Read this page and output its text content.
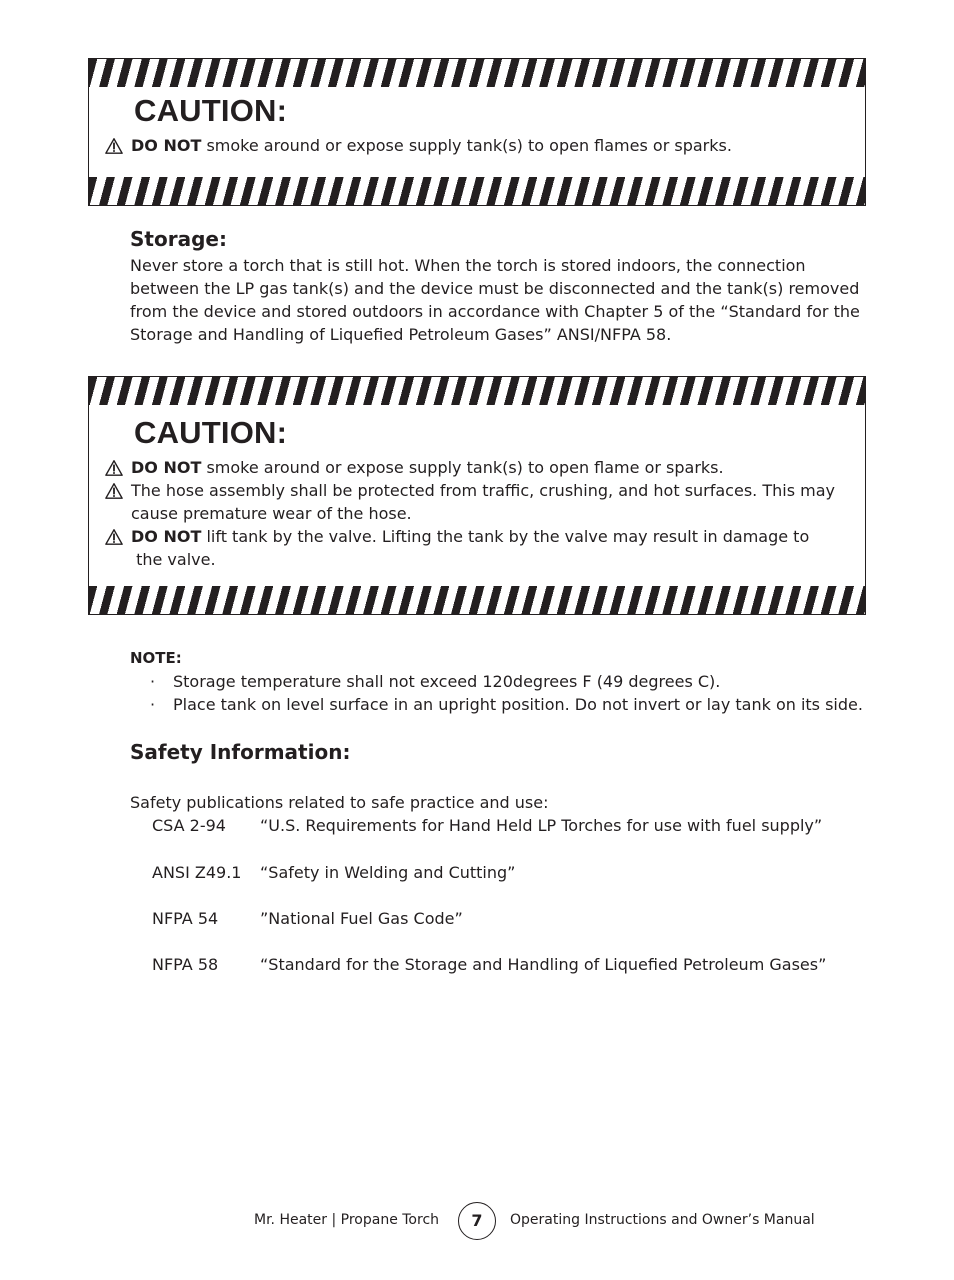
CAUTION:
DO NOT smoke around or expose supply tank(s) to open flames or sparks.
Storage:
Never store a torch that is still hot. When the torch is stored indoors, the connection
between the LP gas tank(s) and the device must be disconnected and the tank(s) removed
from the device and stored outdoors in accordance with Chapter 5 of the “Standard for the
Storage and Handling of Liquefied Petroleum Gases” ANSI/NFPA 58.
CAUTION:
DO NOT smoke around or expose supply tank(s) to open flame or sparks.
The hose assembly shall be protected from traffic, crushing, and hot surfaces. This may
cause premature wear of the hose.
DO NOT lift tank by the valve. Lifting the tank by the valve may result in damage to
the valve.
NOTE:
· Storage temperature shall not exceed 120degrees F (49 degrees C).
· Place tank on level surface in an upright position. Do not invert or lay tank on its side.
Safety Information:
Safety publications related to safe practice and use:
CSA 2-94 “U.S. Requirements for Hand Held LP Torches for use with fuel supply”
ANSI Z49.1 “Safety in Welding and Cutting”
NFPA 54	”National Fuel Gas Code”
NFPA 58	“Standard for the Storage and Handling of Liquefied Petroleum Gases”
Mr. Heater | Propane Torch	7	Operating Instructions and Owner’s Manual
